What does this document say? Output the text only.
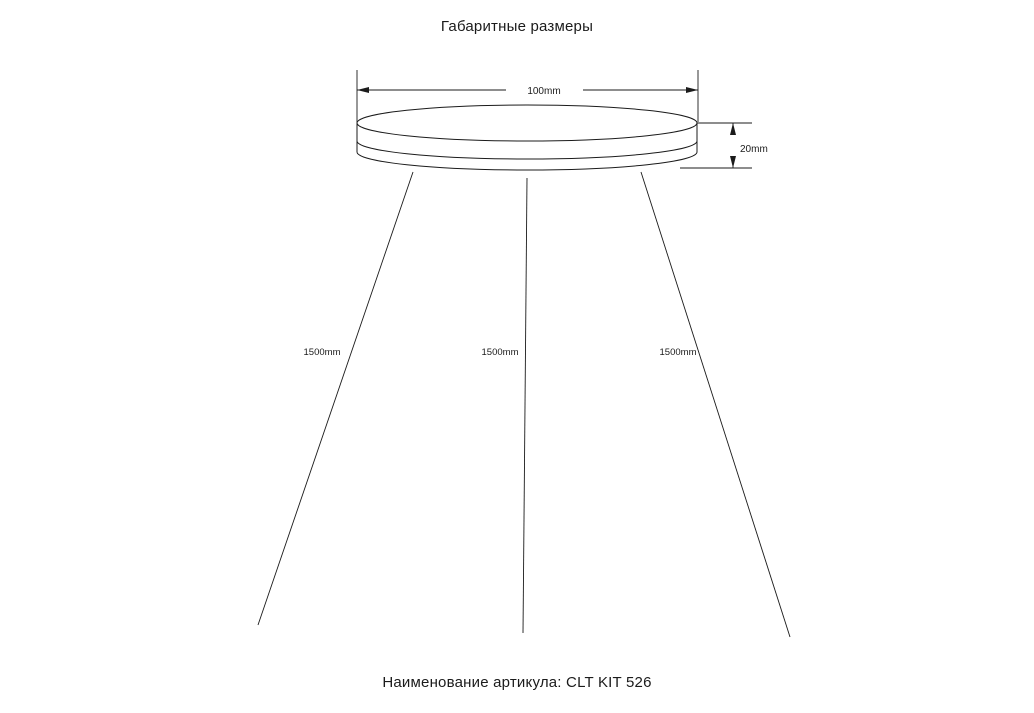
Габаритные размеры
100mm
20mm
1500mm	1500mm	1500mm
Наименование артикула: CLT KIT 526
